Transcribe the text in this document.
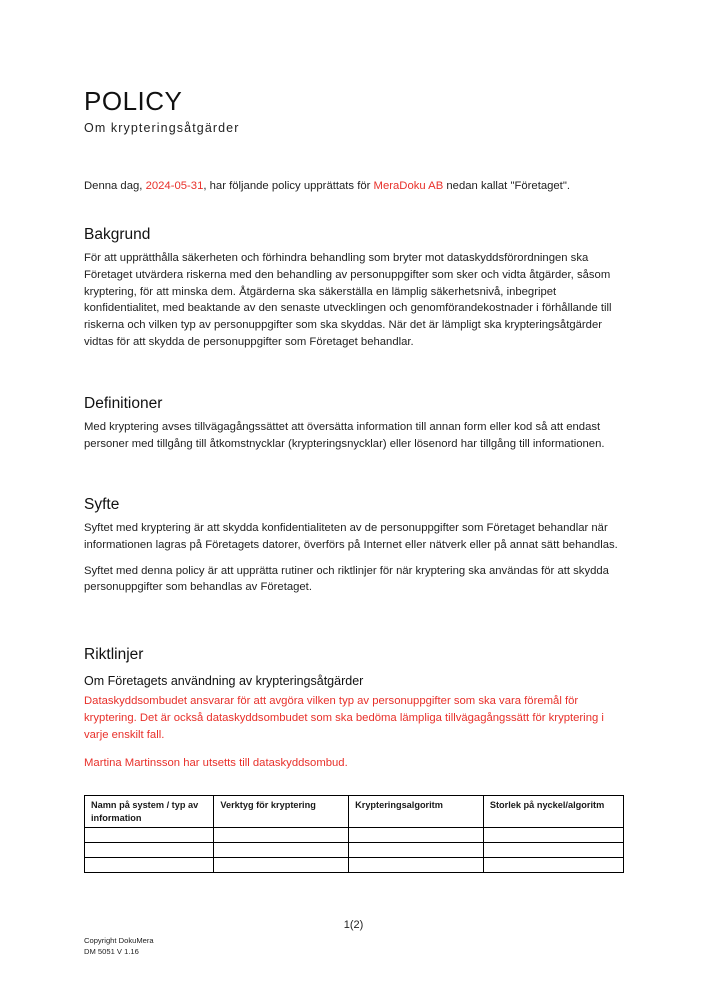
POLICY
Om krypteringsåtgärder
Denna dag, 2024-05-31, har följande policy upprättats för MeraDoku AB nedan kallat "Företaget".
Bakgrund

För att upprätthålla säkerheten och förhindra behandling som bryter mot dataskyddsförordningen ska Företaget utvärdera riskerna med den behandling av personuppgifter som sker och vidta åtgärder, såsom kryptering, för att minska dem. Åtgärderna ska säkerställa en lämplig säkerhetsnivå, inbegripet konfidentialitet, med beaktande av den senaste utvecklingen och genomförandekostnader i förhållande till riskerna och vilken typ av personuppgifter som ska skyddas. När det är lämpligt ska krypteringsåtgärder vidtas för att skydda de personuppgifter som Företaget behandlar.

Definitioner

Med kryptering avses tillvägagångssättet att översätta information till annan form eller kod så att endast personer med tillgång till åtkomstnycklar (krypteringsnycklar) eller lösenord har tillgång till informationen.

Syfte

Syftet med kryptering är att skydda konfidentialiteten av de personuppgifter som Företaget behandlar när informationen lagras på Företagets datorer, överförs på Internet eller nätverk eller på annat sätt behandlas.

Syftet med denna policy är att upprätta rutiner och riktlinjer för när kryptering ska användas för att skydda personuppgifter som behandlas av Företaget.

Riktlinjer
Om Företagets användning av krypteringsåtgärder

Dataskyddsombudet ansvarar för att avgöra vilken typ av personuppgifter som ska vara föremål för kryptering. Det är också dataskyddsombudet som ska bedöma lämpliga tillvägagångssätt för kryptering i varje enskilt fall.

Martina Martinsson har utsetts till dataskyddsombud.

Namn på system / typ av information	Verktyg för kryptering	Krypteringsalgoritm	Storlek på nyckel/algoritm

1(2)
Copyright DokuMera
DM 5051 V 1.16
